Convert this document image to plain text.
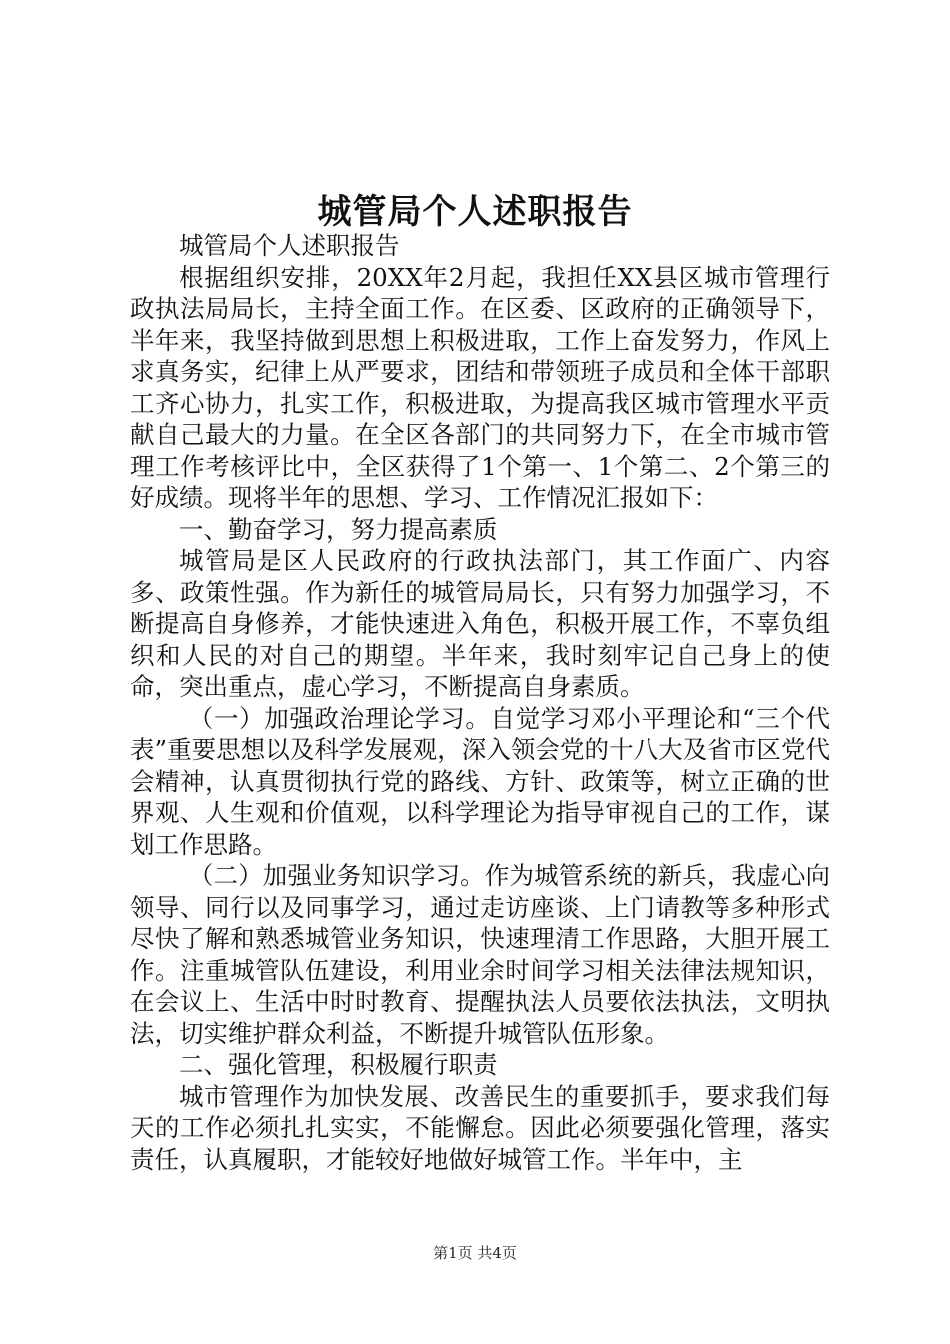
城管局个人述职报告

城管局个人述职报告

根据组织安排，20XX年2月起，我担任XX县区城市管理行政执法局局长，主持全面工作。在区委、区政府的正确领导下，半年来，我坚持做到思想上积极进取，工作上奋发努力，作风上求真务实，纪律上从严要求，团结和带领班子成员和全体干部职工齐心协力，扎实工作，积极进取，为提高我区城市管理水平贡献自己最大的力量。在全区各部门的共同努力下，在全市城市管理工作考核评比中，全区获得了1个第一、1个第二、2个第三的好成绩。现将半年的思想、学习、工作情况汇报如下：

一、勤奋学习，努力提高素质

城管局是区人民政府的行政执法部门，其工作面广、内容多、政策性强。作为新任的城管局局长，只有努力加强学习，不断提高自身修养，才能快速进入角色，积极开展工作，不辜负组织和人民的对自己的期望。半年来，我时刻牢记自己身上的使命，突出重点，虚心学习，不断提高自身素质。

（一）加强政治理论学习。自觉学习邓小平理论和“三个代表”重要思想以及科学发展观，深入领会党的十八大及省市区党代会精神，认真贯彻执行党的路线、方针、政策等，树立正确的世界观、人生观和价值观，以科学理论为指导审视自己的工作，谋划工作思路。

（二）加强业务知识学习。作为城管系统的新兵，我虚心向领导、同行以及同事学习，通过走访座谈、上门请教等多种形式尽快了解和熟悉城管业务知识，快速理清工作思路，大胆开展工作。注重城管队伍建设，利用业余时间学习相关法律法规知识，在会议上、生活中时时教育、提醒执法人员要依法执法，文明执法，切实维护群众利益，不断提升城管队伍形象。

二、强化管理，积极履行职责

城市管理作为加快发展、改善民生的重要抓手，要求我们每天的工作必须扎扎实实，不能懈怠。因此必须要强化管理，落实责任，认真履职，才能较好地做好城管工作。半年中，主

第1页 共4页
